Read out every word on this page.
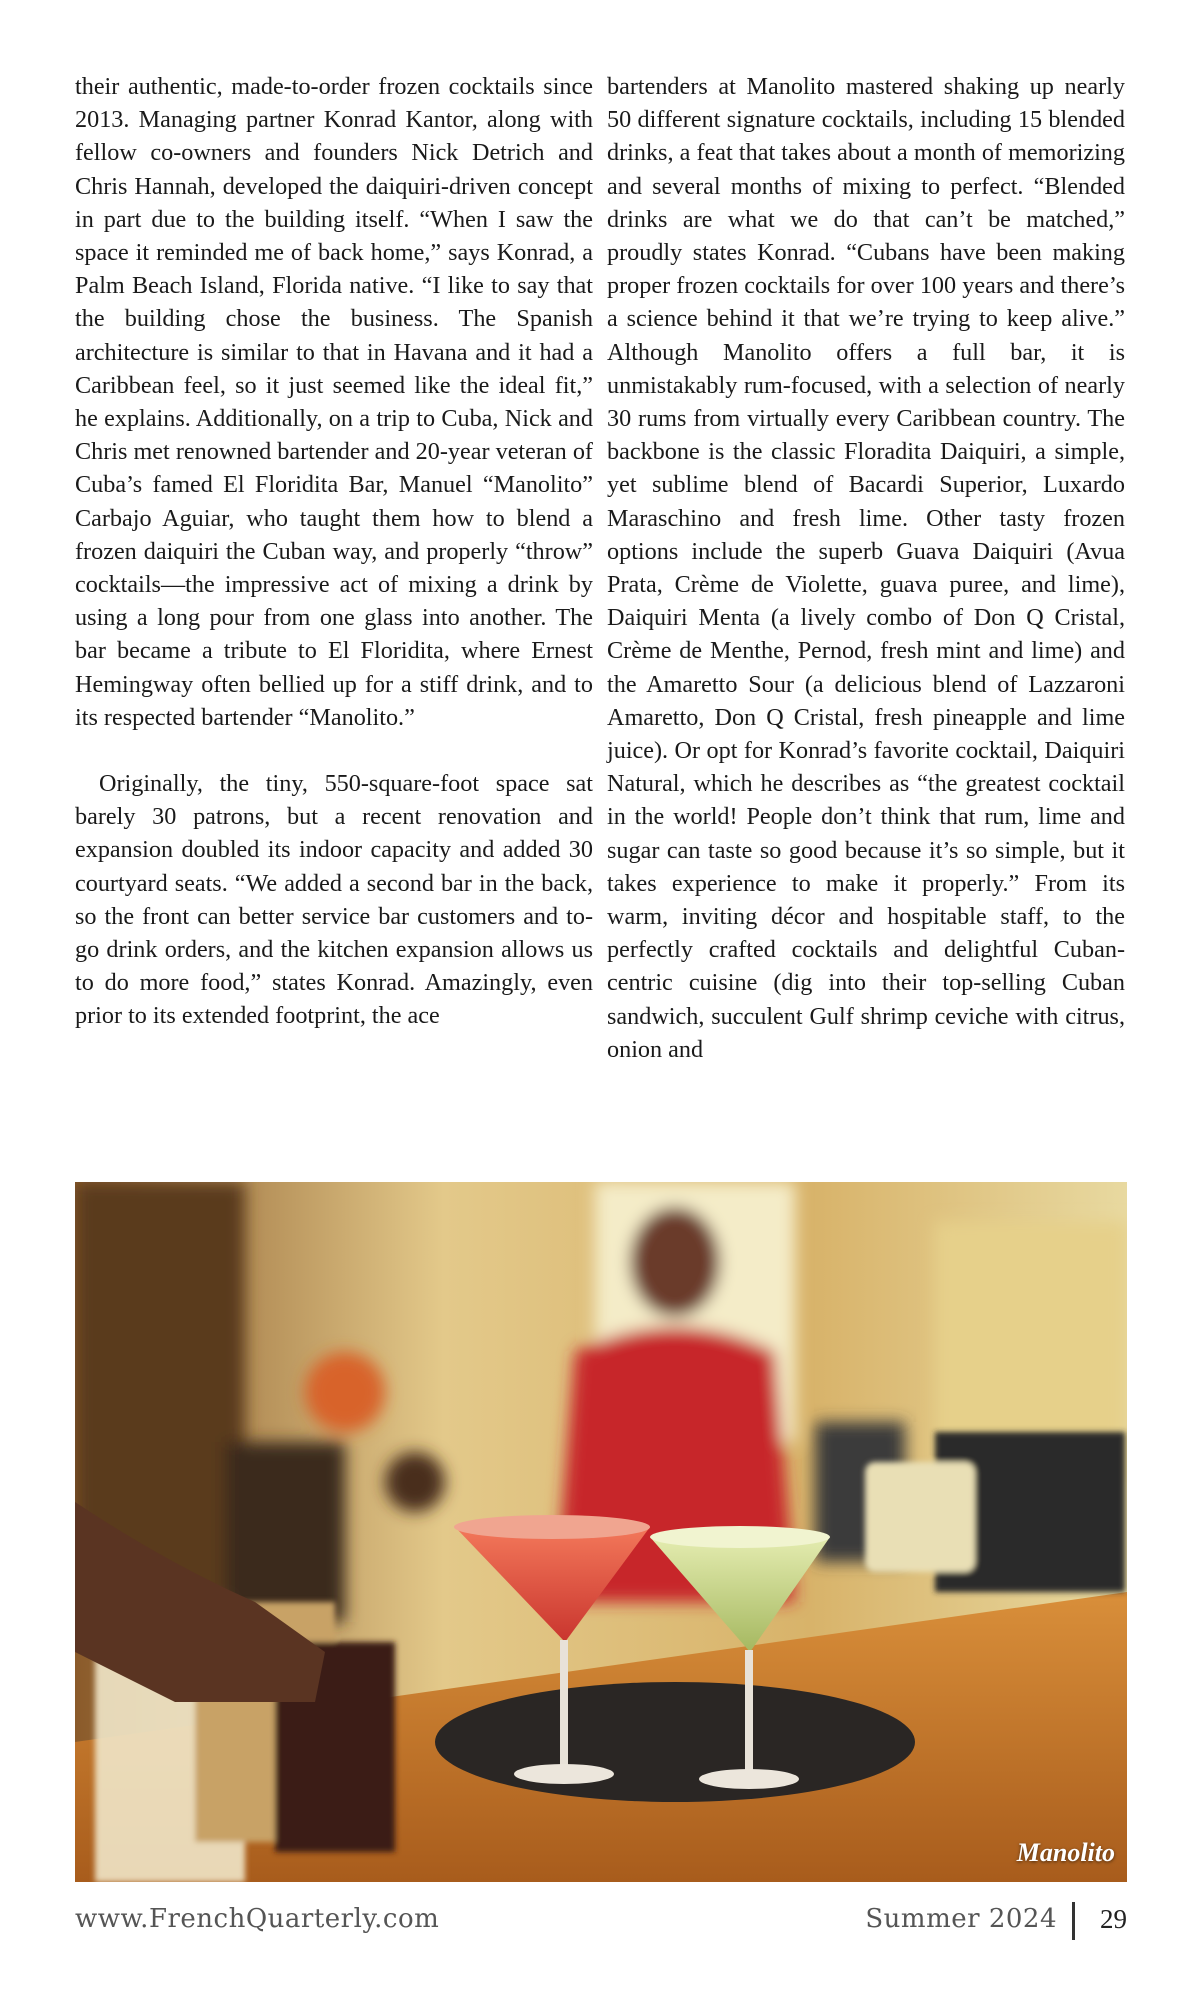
their authentic, made-to-order frozen cocktails since 2013. Managing partner Konrad Kantor, along with fellow co-owners and founders Nick Detrich and Chris Hannah, developed the daiquiri-driven concept in part due to the building itself. “When I saw the space it reminded me of back home,” says Konrad, a Palm Beach Island, Florida native. “I like to say that the building chose the business. The Spanish architecture is similar to that in Havana and it had a Caribbean feel, so it just seemed like the ideal fit,” he explains. Additionally, on a trip to Cuba, Nick and Chris met renowned bartender and 20-year veteran of Cuba’s famed El Floridita Bar, Manuel “Manolito” Carbajo Aguiar, who taught them how to blend a frozen daiquiri the Cuban way, and properly “throw” cocktails—the impressive act of mixing a drink by using a long pour from one glass into another. The bar became a tribute to El Floridita, where Ernest Hemingway often bellied up for a stiff drink, and to its respected bartender “Manolito.”

Originally, the tiny, 550-square-foot space sat barely 30 patrons, but a recent renovation and expansion doubled its indoor capacity and added 30 courtyard seats. “We added a second bar in the back, so the front can better service bar customers and to-go drink orders, and the kitchen expansion allows us to do more food,” states Konrad. Amazingly, even prior to its extended footprint, the ace

bartenders at Manolito mastered shaking up nearly 50 different signature cocktails, including 15 blended drinks, a feat that takes about a month of memorizing and several months of mixing to perfect. “Blended drinks are what we do that can’t be matched,” proudly states Konrad. “Cubans have been making proper frozen cocktails for over 100 years and there’s a science behind it that we’re trying to keep alive.” Although Manolito offers a full bar, it is unmistakably rum-focused, with a selection of nearly 30 rums from virtually every Caribbean country. The backbone is the classic Floradita Daiquiri, a simple, yet sublime blend of Bacardi Superior, Luxardo Maraschino and fresh lime. Other tasty frozen options include the superb Guava Daiquiri (Avua Prata, Crème de Violette, guava puree, and lime), Daiquiri Menta (a lively combo of Don Q Cristal, Crème de Menthe, Pernod, fresh mint and lime) and the Amaretto Sour (a delicious blend of Lazzaroni Amaretto, Don Q Cristal, fresh pineapple and lime juice). Or opt for Konrad’s favorite cocktail, Daiquiri Natural, which he describes as “the greatest cocktail in the world! People don’t think that rum, lime and sugar can taste so good because it’s so simple, but it takes experience to make it properly.” From its warm, inviting décor and hospitable staff, to the perfectly crafted cocktails and delightful Cuban-centric cuisine (dig into their top-selling Cuban sandwich, succulent Gulf shrimp ceviche with citrus, onion and

Manolito
www.FrenchQuarterly.com	Summer 2024 29
